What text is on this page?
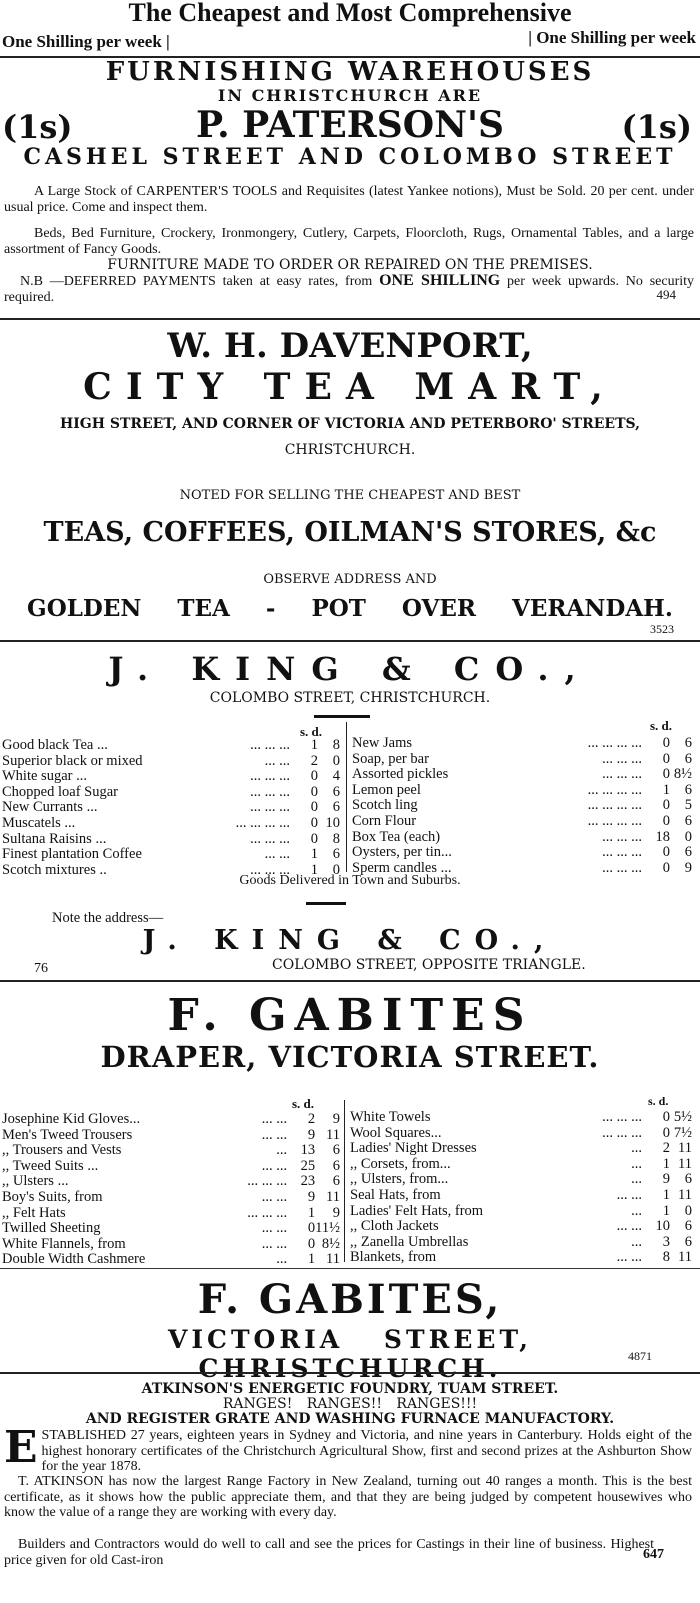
The Cheapest and Most Comprehensive
One Shilling per week |	| One Shilling per week
FURNISHING WAREHOUSES
IN CHRISTCHURCH ARE
(1s)	P. PATERSON'S	(1s)
CASHEL STREET AND COLOMBO STREET
A Large Stock of CARPENTER'S TOOLS and Requisites (latest Yankee notions), Must be Sold. 20 per cent. under usual price. Come and inspect them.
Beds, Bed Furniture, Crockery, Ironmongery, Cutlery, Carpets, Floorcloth, Rugs, Ornamental Tables, and a large assortment of Fancy Goods.
FURNITURE MADE TO ORDER OR REPAIRED ON THE PREMISES.
N.B —DEFERRED PAYMENTS taken at easy rates, from ONE SHILLING per week upwards. No security required.	494
W. H. DAVENPORT,
CITY TEA MART,
HIGH STREET, AND CORNER OF VICTORIA AND PETERBORO' STREETS,
CHRISTCHURCH.
NOTED FOR SELLING THE CHEAPEST AND BEST
TEAS, COFFEES, OILMAN'S STORES, &c
OBSERVE ADDRESS AND
GOLDEN TEA - POT OVER VERANDAH.
3523
J. KING & CO.,
COLOMBO STREET, CHRISTCHURCH.
s. d.	s. d.
Good black Tea ...	... ... ...	1	8
Superior black or mixed	... ...	2	0
White sugar ...	... ... ...	0	4
Chopped loaf Sugar	... ... ...	0	6
New Currants ...	... ... ...	0	6
Muscatels ...	... ... ... ...	0	10
Sultana Raisins ...	... ... ...	0	8
Finest plantation Coffee	... ...	1	6
Scotch mixtures ..	... ... ...	1	0
New Jams	... ... ... ...	0	6
Soap, per bar	... ... ...	0	6
Assorted pickles	... ... ...	0	8½
Lemon peel	... ... ... ...	1	6
Scotch ling	... ... ... ...	0	5
Corn Flour	... ... ... ...	0	6
Box Tea (each)	... ... ...	18	0
Oysters, per tin...	... ... ...	0	6
Sperm candles ...	... ... ...	0	9
Goods Delivered in Town and Suburbs.
Note the address—
J. KING & CO.,
76	COLOMBO STREET, OPPOSITE TRIANGLE.
F. GABITES
DRAPER, VICTORIA STREET.
s. d.	s. d.
Josephine Kid Gloves...	... ...	2	9
Men's Tweed Trousers	... ...	9	11
,, Trousers and Vests	...	13	6
,, Tweed Suits ...	... ...	25	6
,, Ulsters ...	... ... ...	23	6
Boy's Suits, from	... ...	9	11
,, Felt Hats	... ... ...	1	9
Twilled Sheeting	... ...	0	11½
White Flannels, from	... ...	0	8½
Double Width Cashmere	...	1	11
White Towels	... ... ...	0	5½
Wool Squares...	... ... ...	0	7½
Ladies' Night Dresses	...	2	11
,, Corsets, from...	...	1	11
,, Ulsters, from...	...	9	6
Seal Hats, from	... ...	1	11
Ladies' Felt Hats, from	...	1	0
,, Cloth Jackets	... ...	10	6
,, Zanella Umbrellas	...	3	6
Blankets, from	... ...	8	11
F. GABITES,
VICTORIA STREET, CHRISTCHURCH.	4871
ATKINSON'S ENERGETIC FOUNDRY, TUAM STREET.
RANGES! RANGES!! RANGES!!!
AND REGISTER GRATE AND WASHING FURNACE MANUFACTORY.
ESTABLISHED 27 years, eighteen years in Sydney and Victoria, and nine years in Canterbury. Holds eight of the highest honorary certificates of the Christchurch Agricultural Show, first and second prizes at the Ashburton Show for the year 1878.
T. ATKINSON has now the largest Range Factory in New Zealand, turning out 40 ranges a month. This is the best certificate, as it shows how the public appreciate them, and that they are being judged by competent housewives who know the value of a range they are working with every day.
Builders and Contractors would do well to call and see the prices for Castings in their line of business. Highest price given for old Cast-iron	647
